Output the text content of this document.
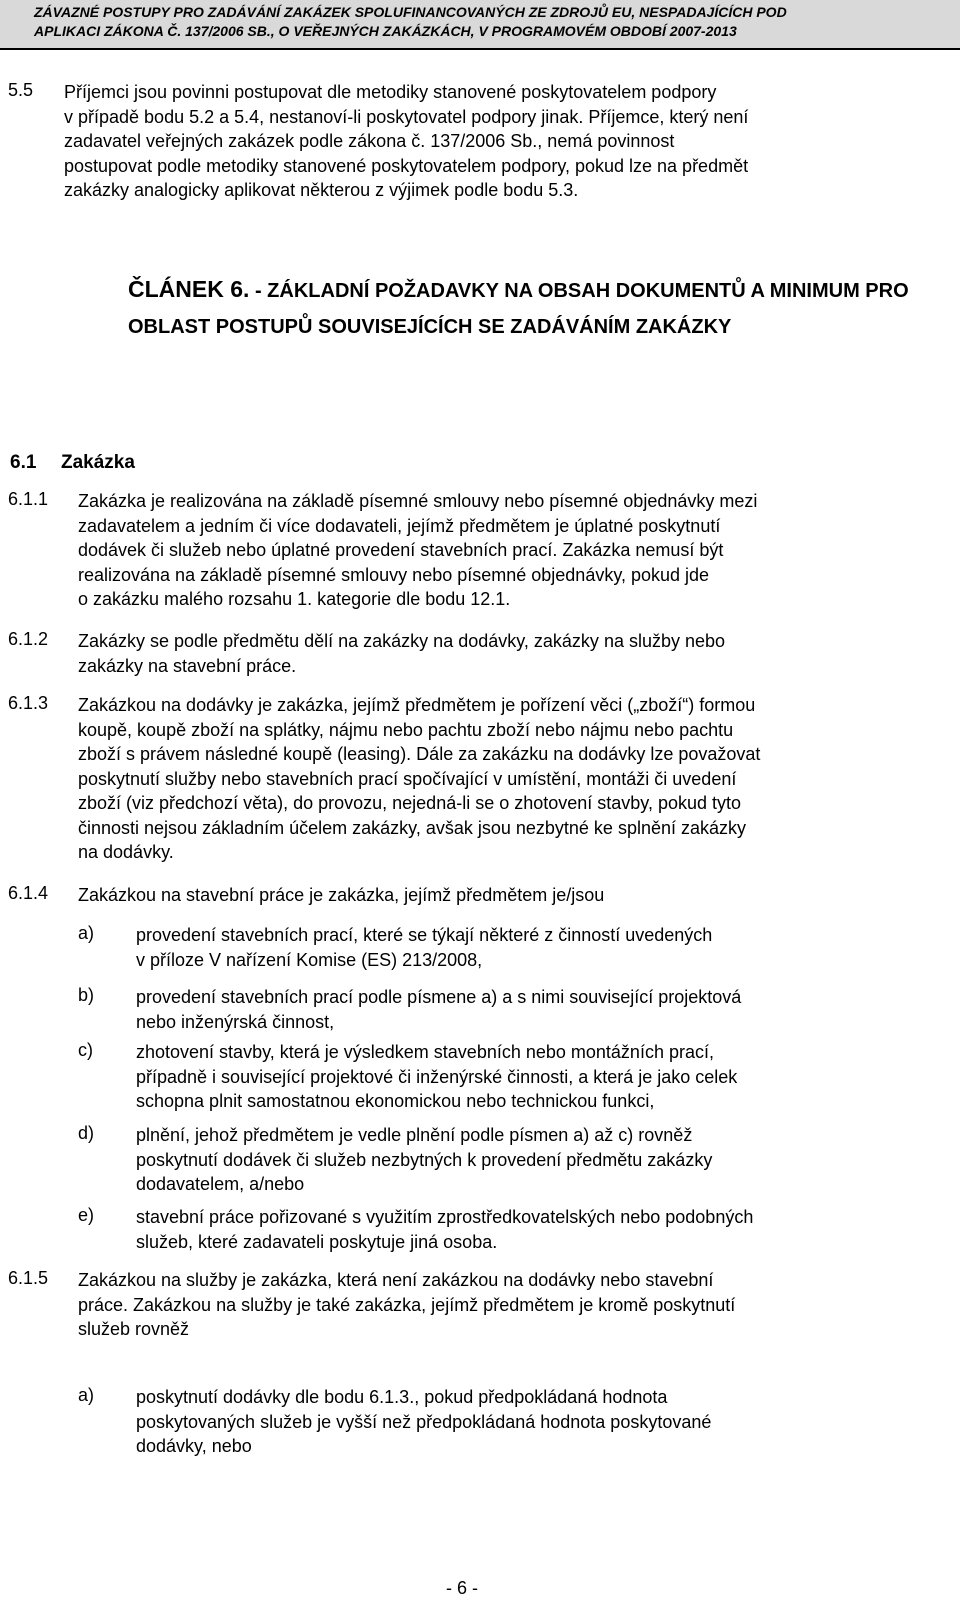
ZÁVAZNÉ POSTUPY PRO ZADÁVÁNÍ ZAKÁZEK SPOLUFINANCOVANÝCH ZE ZDROJŮ EU, NESPADAJÍCÍCH POD
APLIKACI ZÁKONA Č. 137/2006 SB., O VEŘEJNÝCH ZAKÁZKÁCH, V PROGRAMOVÉM OBDOBÍ 2007-2013
5.5 Příjemci jsou povinni postupovat dle metodiky stanovené poskytovatelem podpory
v případě bodu 5.2 a 5.4, nestanoví-li poskytovatel podpory jinak. Příjemce, který není
zadavatel veřejných zakázek podle zákona č. 137/2006 Sb., nemá povinnost
postupovat podle metodiky stanovené poskytovatelem podpory, pokud lze na předmět
zakázky analogicky aplikovat některou z výjimek podle bodu 5.3.
ČLÁNEK 6. - ZÁKLADNÍ POŽADAVKY NA OBSAH DOKUMENTŮ A MINIMUM PRO
OBLAST POSTUPŮ SOUVISEJÍCÍCH SE ZADÁVÁNÍM ZAKÁZKY
6.1 Zakázka
6.1.1 Zakázka je realizována na základě písemné smlouvy nebo písemné objednávky mezi
zadavatelem a jedním či více dodavateli, jejímž předmětem je úplatné poskytnutí
dodávek či služeb nebo úplatné provedení stavebních prací. Zakázka nemusí být
realizována na základě písemné smlouvy nebo písemné objednávky, pokud jde
o zakázku malého rozsahu 1. kategorie dle bodu 12.1.
6.1.2 Zakázky se podle předmětu dělí na zakázky na dodávky, zakázky na služby nebo
zakázky na stavební práce.
6.1.3 Zakázkou na dodávky je zakázka, jejímž předmětem je pořízení věci („zboží“) formou
koupě, koupě zboží na splátky, nájmu nebo pachtu zboží nebo nájmu nebo pachtu
zboží s právem následné koupě (leasing). Dále za zakázku na dodávky lze považovat
poskytnutí služby nebo stavebních prací spočívající v umístění, montáži či uvedení
zboží (viz předchozí věta), do provozu, nejedná-li se o zhotovení stavby, pokud tyto
činnosti nejsou základním účelem zakázky, avšak jsou nezbytné ke splnění zakázky
na dodávky.
6.1.4 Zakázkou na stavební práce je zakázka, jejímž předmětem je/jsou
a) provedení stavebních prací, které se týkají některé z činností uvedených
v příloze V nařízení Komise (ES) 213/2008,
b) provedení stavebních prací podle písmene a) a s nimi související projektová
nebo inženýrská činnost,
c) zhotovení stavby, která je výsledkem stavebních nebo montážních prací,
případně i související projektové či inženýrské činnosti, a která je jako celek
schopna plnit samostatnou ekonomickou nebo technickou funkci,
d) plnění, jehož předmětem je vedle plnění podle písmen a) až c) rovněž
poskytnutí dodávek či služeb nezbytných k provedení předmětu zakázky
dodavatelem, a/nebo
e) stavební práce pořizované s využitím zprostředkovatelských nebo podobných
služeb, které zadavateli poskytuje jiná osoba.
6.1.5 Zakázkou na služby je zakázka, která není zakázkou na dodávky nebo stavební
práce. Zakázkou na služby je také zakázka, jejímž předmětem je kromě poskytnutí
služeb rovněž
a) poskytnutí dodávky dle bodu 6.1.3., pokud předpokládaná hodnota
poskytovaných služeb je vyšší než předpokládaná hodnota poskytované
dodávky, nebo
- 6 -
